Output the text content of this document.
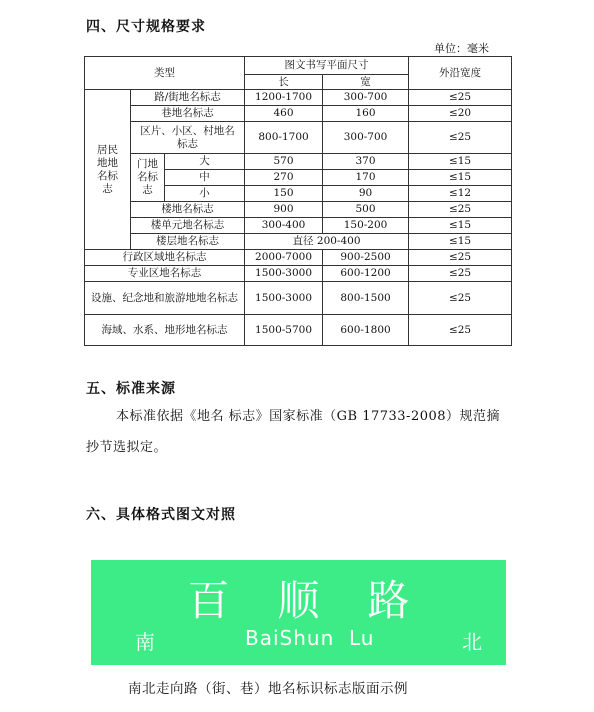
四、尺寸规格要求
单位：毫米
类型			图文书写平面尺寸		外沿宽度
			长	宽	
居民地地名标志	路/街地名标志		1200-1700	300-700	≤25
	巷地名标志		460	160	≤20
	区片、小区、村地名标志		800-1700	300-700	≤25
	门地名标志	大	570	370	≤15
		中	270	170	≤15
		小	150	90	≤12
	楼地名标志		900	500	≤25
	楼单元地名标志		300-400	150-200	≤15
	楼层地名标志		直径 200-400		≤15
行政区域地名标志			2000-7000	900-2500	≤25
专业区地名标志			1500-3000	600-1200	≤25
设施、纪念地和旅游地地名标志			1500-3000	800-1500	≤25
海域、水系、地形地名标志			1500-5700	600-1800	≤25
五、标准来源
本标准依据《地名 标志》国家标准（GB 17733-2008）规范摘
抄节选拟定。
六、具体格式图文对照
百顺路
南	BaiShun  Lu	北
南北走向路（街、巷）地名标识标志版面示例
